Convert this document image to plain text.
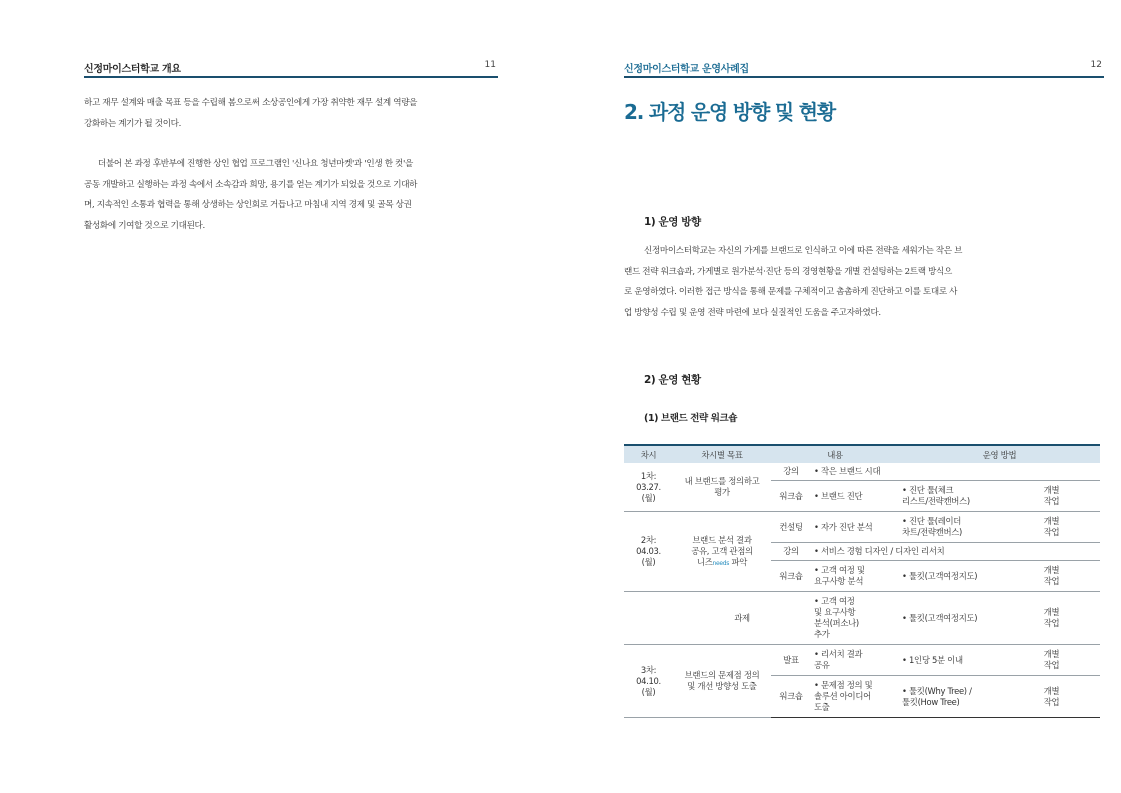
신정마이스터학교 개요	11
하고 재무 설계와 매출 목표 등을 수립해 봄으로써 소상공인에게 가장 취약한 재무 설계 역량을
강화하는 계기가 될 것이다.
더불어 본 과정 후반부에 진행한 상인 협업 프로그램인 '신나요 청년마켓'과 '인생 한 컷'을
공동 개발하고 실행하는 과정 속에서 소속감과 희망, 용기를 얻는 계기가 되었을 것으로 기대하
며, 지속적인 소통과 협력을 통해 상생하는 상인회로 거듭나고 마침내 지역 경제 및 골목 상권
활성화에 기여할 것으로 기대된다.
신정마이스터학교 운영사례집	12
2. 과정 운영 방향 및 현황
1) 운영 방향
신정마이스터학교는 자신의 가게를 브랜드로 인식하고 이에 따른 전략을 세워가는 작은 브
랜드 전략 워크숍과, 가게별로 원가분석·진단 등의 경영현황을 개별 컨설팅하는 2트랙 방식으
로 운영하였다. 이러한 접근 방식을 통해 문제를 구체적이고 촘촘하게 진단하고 이를 토대로 사
업 방향성 수립 및 운영 전략 마련에 보다 실질적인 도움을 주고자하였다.
2) 운영 현황
(1) 브랜드 전략 워크숍
차시	차시별 목표	내용		운영 방법	
1차:
03.27.
(월)	내 브랜드를 정의하고
평가	강의	• 작은 브랜드 시대		
		워크숍	• 브랜드 진단	• 진단 툴(체크
리스트/전략캔버스)	개별
작업
2차:
04.03.
(월)	브랜드 분석 결과
공유, 고객 관점의
니즈needs 파악	컨설팅	• 자가 진단 분석	• 진단 툴(레이더
차트/전략캔버스)	개별
작업
		강의	• 서비스 경험 디자인 / 디자인 리서치		
		워크숍	• 고객 여정 및
요구사항 분석	• 툴킷(고객여정지도)	개별
작업
	과제		• 고객 여정
및 요구사항
분석(퍼소나)
추가	• 툴킷(고객여정지도)	개별
작업
3차:
04.10.
(월)	브랜드의 문제점 정의
및 개선 방향성 도출	발표	• 리서치 결과
공유	• 1인당 5분 이내	개별
작업
		워크숍	• 문제점 정의 및
솔루션 아이디어
도출	• 툴킷(Why Tree) /
툴킷(How Tree)	개별
작업
